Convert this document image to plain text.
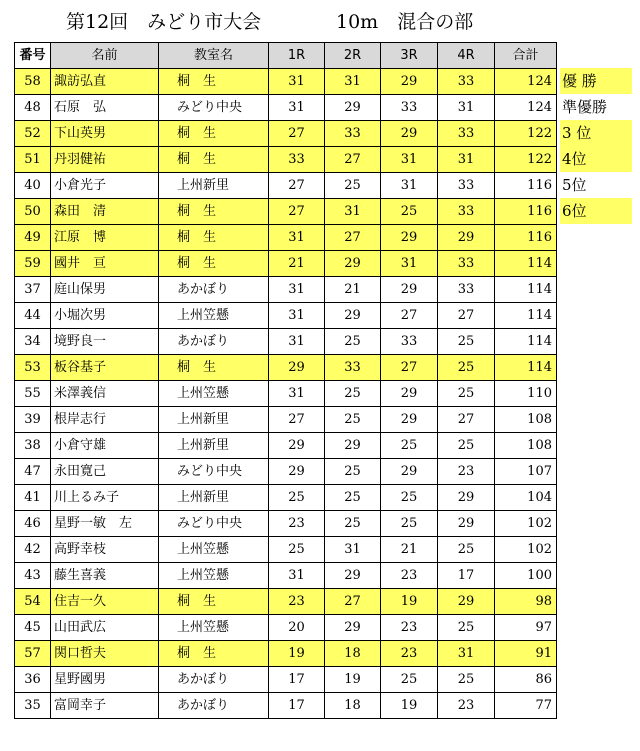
第12回　みどり市大会	10m　混合の部
番号	名前	教室名	1R	2R	3R	4R	合計
58	諏訪弘直	桐　生	31	31	29	33	124
48	石原　弘	みどり中央	31	29	33	31	124
52	下山英男	桐　生	27	33	29	33	122
51	丹羽健祐	桐　生	33	27	31	31	122
40	小倉光子	上州新里	27	25	31	33	116
50	森田　清	桐　生	27	31	25	33	116
49	江原　博	桐　生	31	27	29	29	116
59	國井　亘	桐　生	21	29	31	33	114
37	庭山保男	あかぼり	31	21	29	33	114
44	小堀次男	上州笠懸	31	29	27	27	114
34	境野良一	あかぼり	31	25	33	25	114
53	板谷基子	桐　生	29	33	27	25	114
55	米澤義信	上州笠懸	31	25	29	25	110
39	根岸志行	上州新里	27	25	29	27	108
38	小倉守雄	上州新里	29	29	25	25	108
47	永田寛己	みどり中央	29	25	29	23	107
41	川上るみ子	上州新里	25	25	25	29	104
46	星野一敏　左	みどり中央	23	25	25	29	102
42	高野幸枝	上州笠懸	25	31	21	25	102
43	藤生喜義	上州笠懸	31	29	23	17	100
54	住吉一久	桐　生	23	27	19	29	98
45	山田武広	上州笠懸	20	29	23	25	97
57	関口哲夫	桐　生	19	18	23	31	91
36	星野國男	あかぼり	17	19	25	25	86
35	富岡幸子	あかぼり	17	18	19	23	77
優 勝
準優勝
3 位
4位
5位
6位
